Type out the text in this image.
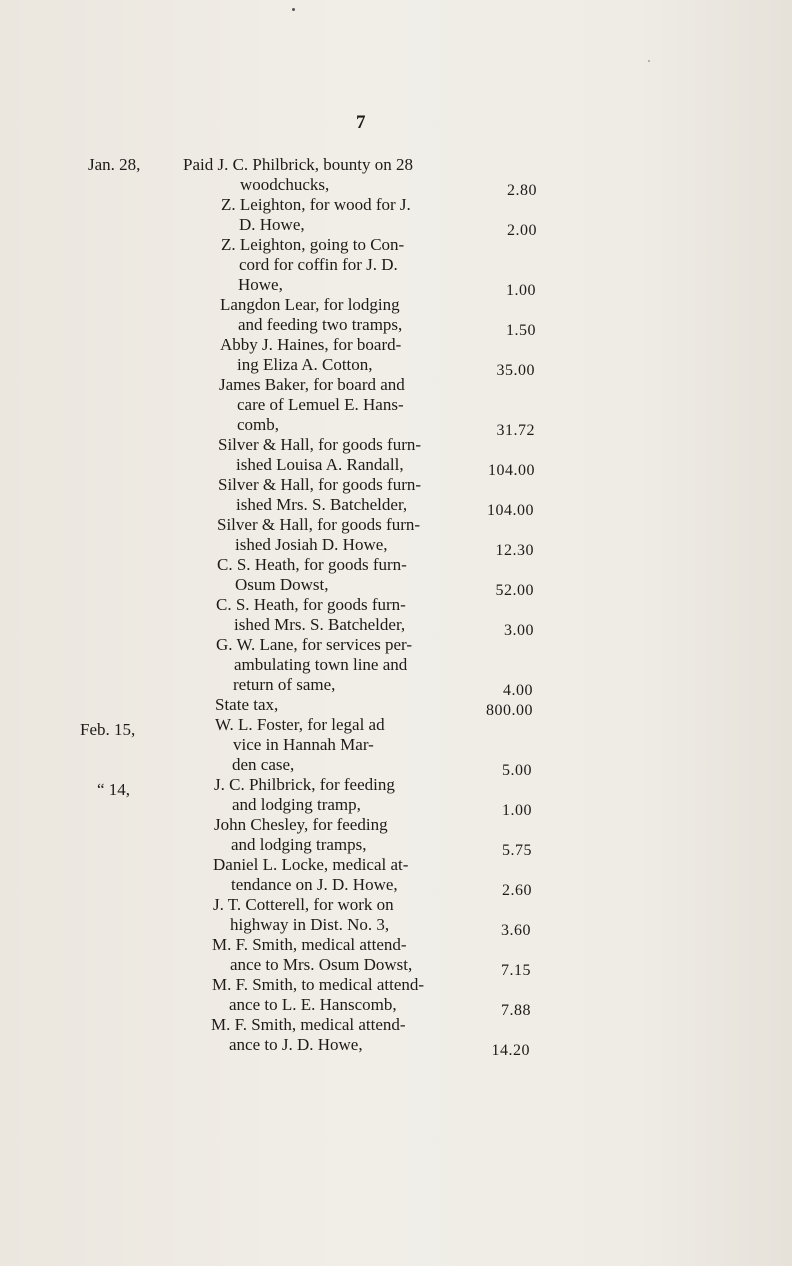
7
Jan. 28,
Feb. 15,
“ 14,
Paid J. C. Philbrick, bounty on 28
woodchucks,
Z. Leighton, for wood for J.
D. Howe,
Z. Leighton, going to Con-
cord for coffin for J. D.
Howe,
Langdon Lear, for lodging
and feeding two tramps,
Abby J. Haines, for board-
ing Eliza A. Cotton,
James Baker, for board and
care of Lemuel E. Hans-
comb,
Silver & Hall, for goods furn-
ished Louisa A. Randall,
Silver & Hall, for goods furn-
ished Mrs. S. Batchelder,
Silver & Hall, for goods furn-
ished Josiah D. Howe,
C. S. Heath, for goods furn-
Osum Dowst,
C. S. Heath, for goods furn-
ished Mrs. S. Batchelder,
G. W. Lane, for services per-
ambulating town line and
return of same,
State tax,
W. L. Foster, for legal ad
vice in Hannah Mar-
den case,
J. C. Philbrick, for feeding
and lodging tramp,
John Chesley, for feeding
and lodging tramps,
Daniel L. Locke, medical at-
tendance on J. D. Howe,
J. T. Cotterell, for work on
highway in Dist. No. 3,
M. F. Smith, medical attend-
ance to Mrs. Osum Dowst,
M. F. Smith, to medical attend-
ance to L. E. Hanscomb,
M. F. Smith, medical attend-
ance to J. D. Howe,
2.80
2.00
1.00
1.50
35.00
31.72
104.00
104.00
12.30
52.00
3.00
4.00
800.00
5.00
1.00
5.75
2.60
3.60
7.15
7.88
14.20
